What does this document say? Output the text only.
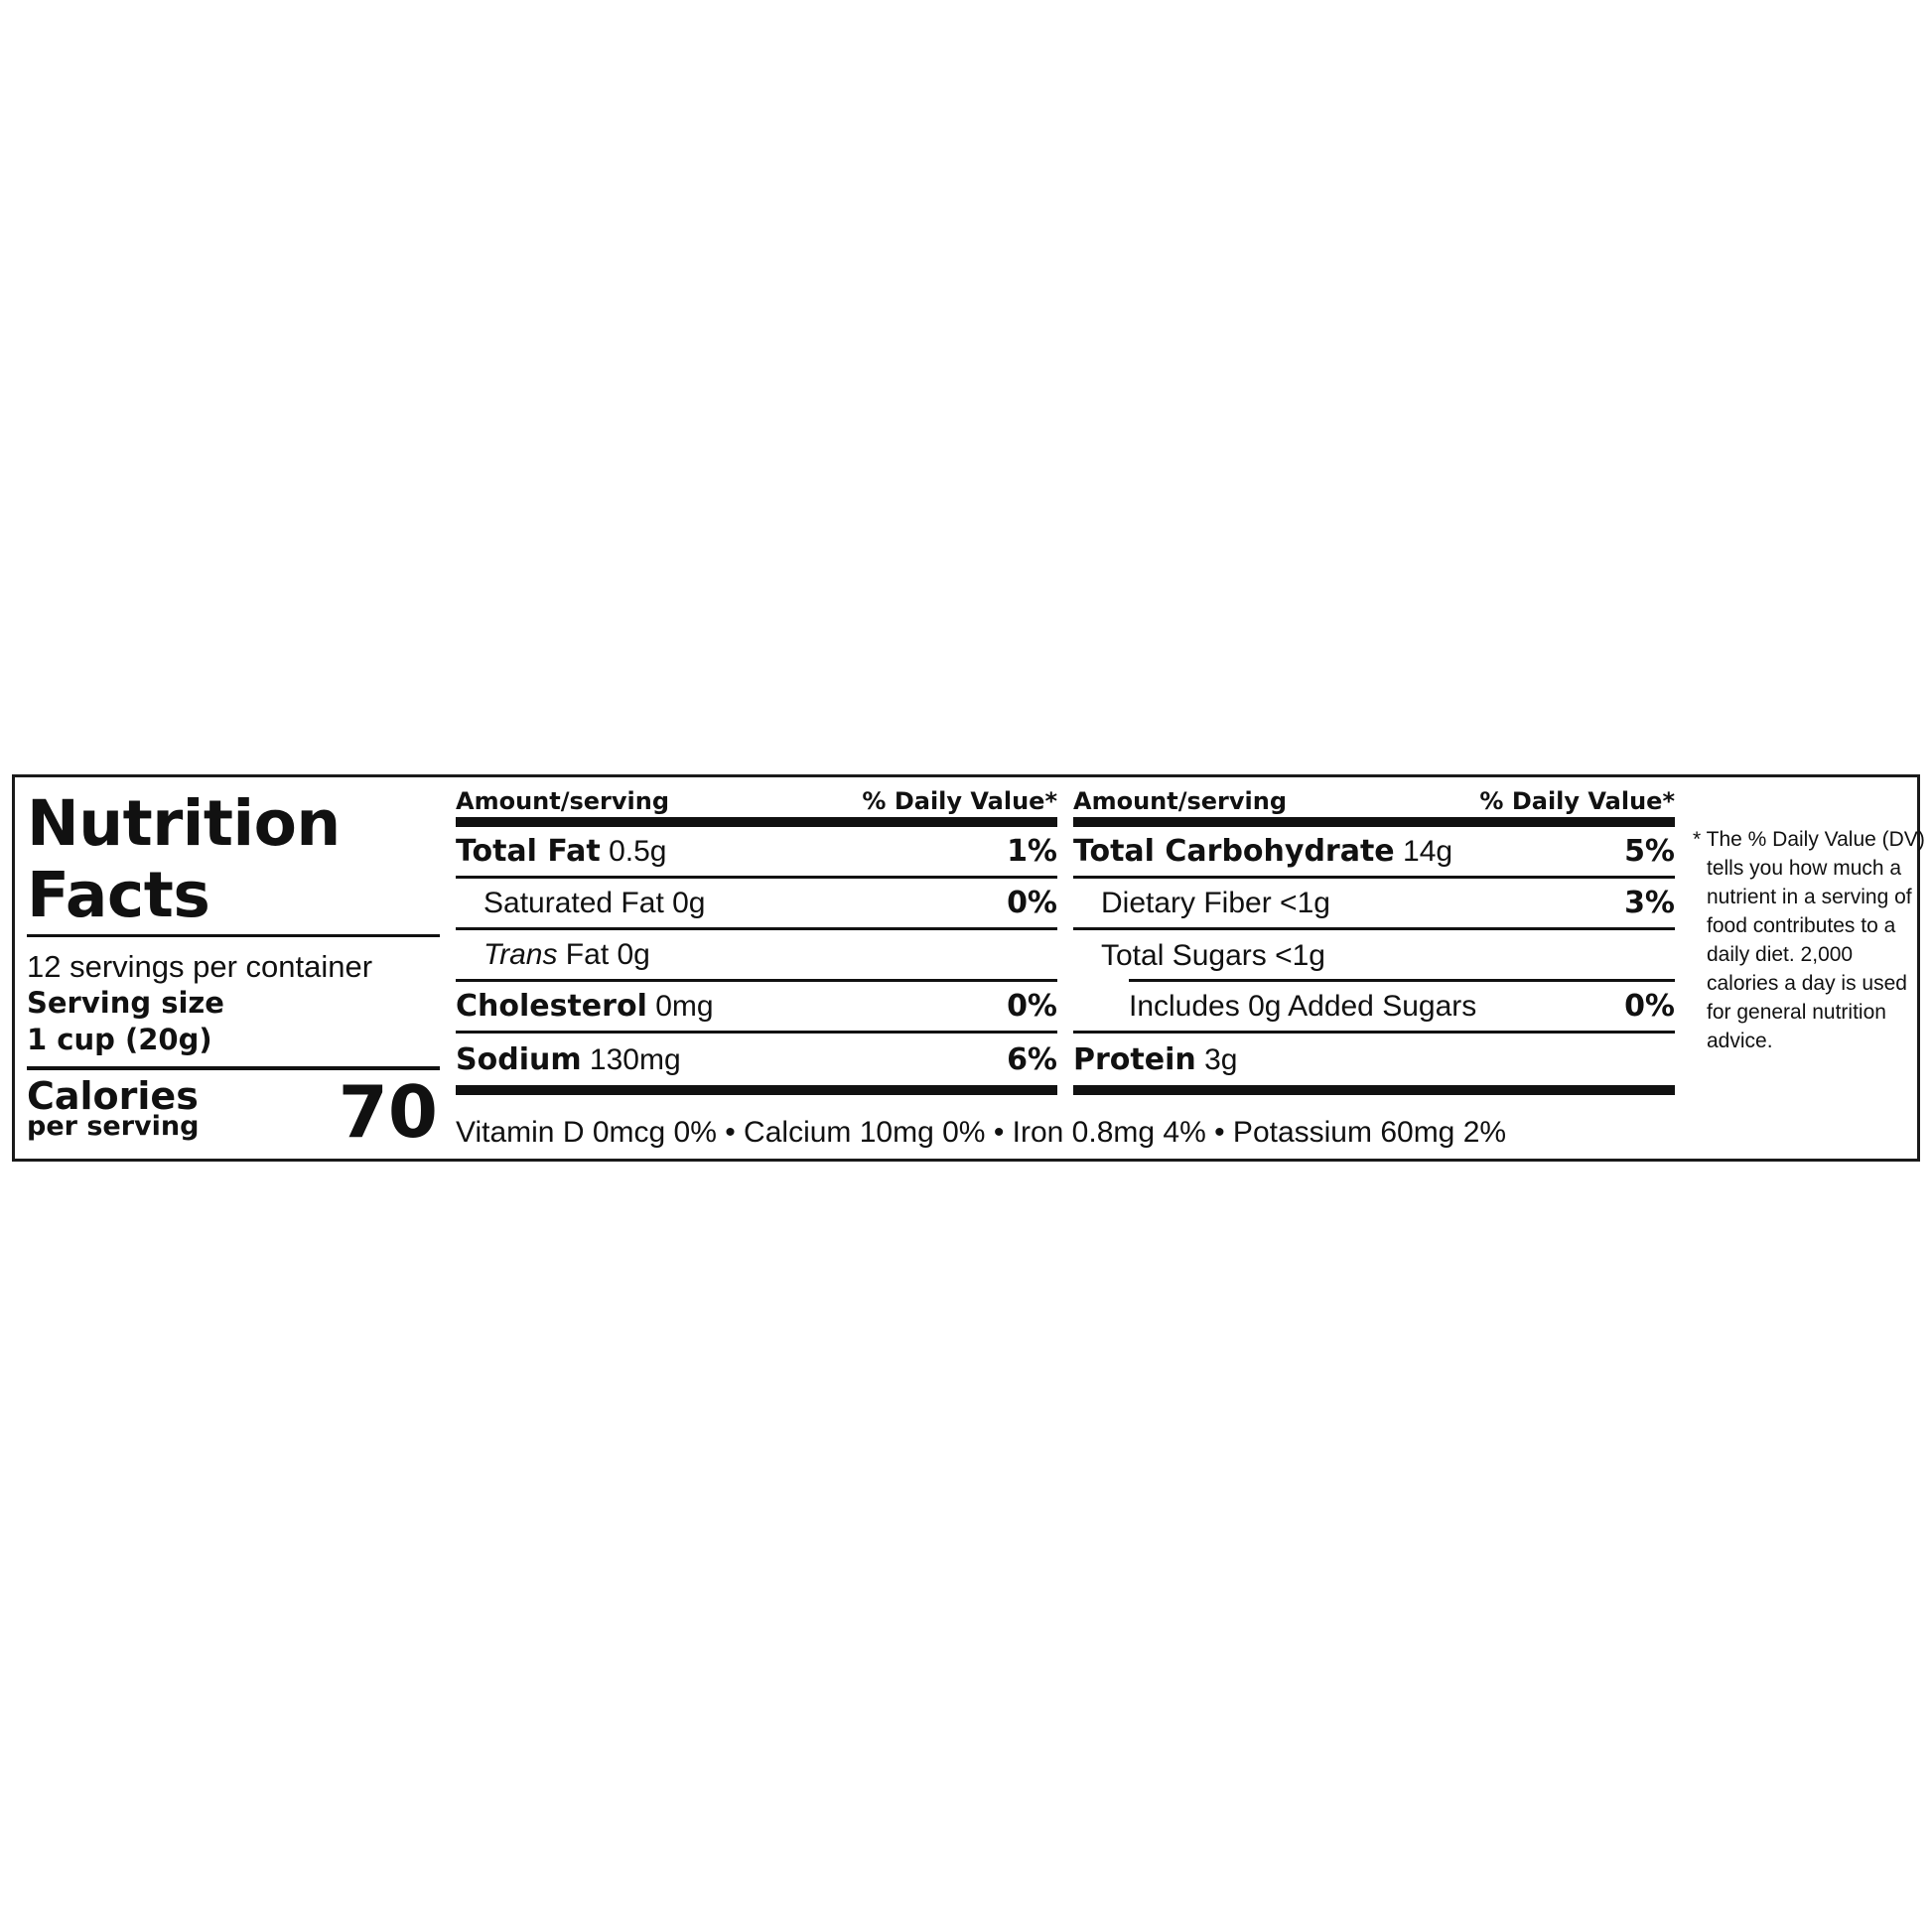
Nutrition
Facts
12 servings per container
Serving size
1 cup (20g)
Calories
per serving 70
Amount/serving	% Daily Value*
Total Fat 0.5g	1%
Saturated Fat 0g	0%
Trans Fat 0g
Cholesterol 0mg	0%
Sodium 130mg	6%
Amount/serving	% Daily Value*
Total Carbohydrate 14g	5%
Dietary Fiber <1g	3%
Total Sugars <1g
Includes 0g Added Sugars	0%
Protein 3g
Vitamin D 0mcg 0% • Calcium 10mg 0% • Iron 0.8mg 4% • Potassium 60mg 2%
* The % Daily Value (DV) tells you how much a nutrient in a serving of food contributes to a daily diet. 2,000 calories a day is used for general nutrition advice.
